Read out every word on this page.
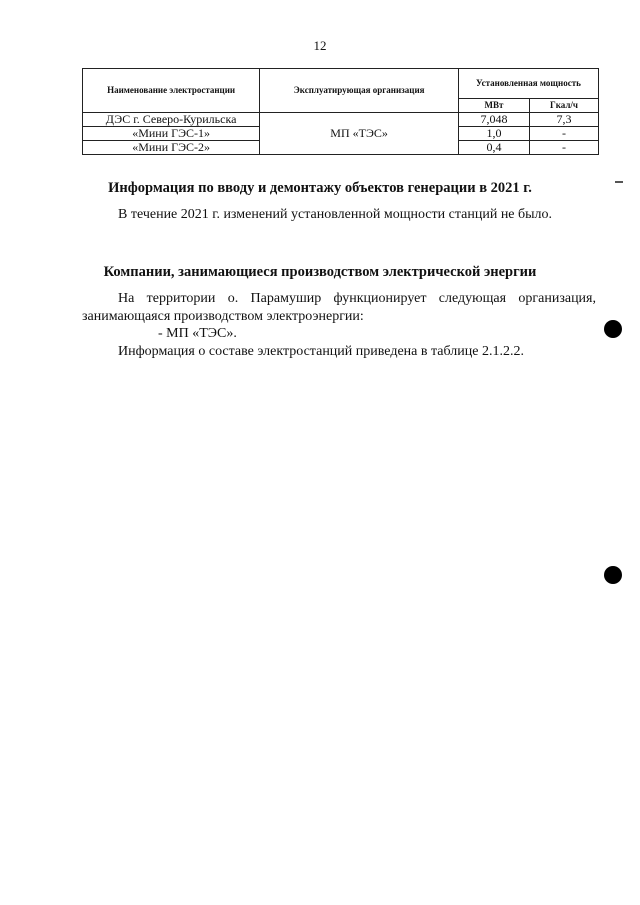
12
Наименование электростанции	Эксплуатирующая организация	Установленная мощность	
		МВт	Гкал/ч
ДЭС г. Северо-Курильска	МП «ТЭС»	7,048	7,3
«Мини ГЭС-1»		1,0	-
«Мини ГЭС-2»		0,4	-
Информация по вводу и демонтажу объектов генерации в 2021 г.
В течение 2021 г. изменений установленной мощности станций не было.
Компании, занимающиеся производством электрической энергии
На территории о. Парамушир функционирует следующая организация, занимающаяся производством электроэнергии:
- МП «ТЭС».
Информация о составе электростанций приведена в таблице 2.1.2.2.
